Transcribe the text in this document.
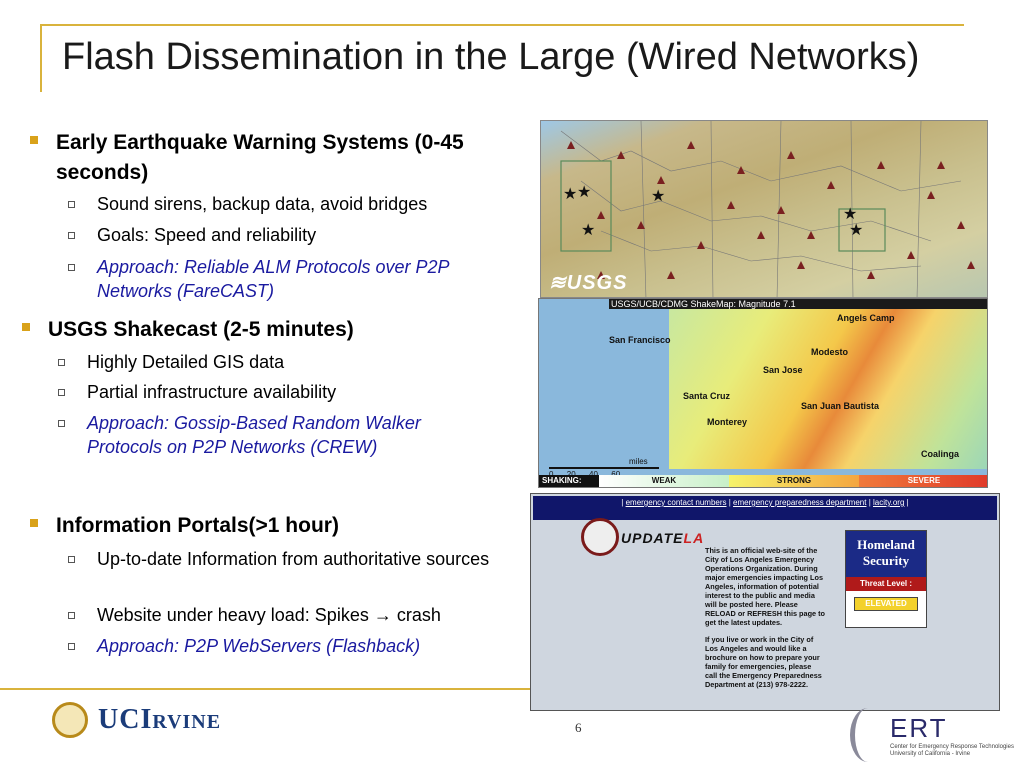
Flash Dissemination in the Large (Wired Networks)
Early Earthquake Warning Systems (0-45 seconds)
Sound sirens, backup data, avoid bridges
Goals: Speed and reliability
Approach: Reliable ALM Protocols over P2P Networks (FareCAST)
USGS Shakecast (2-5 minutes)
Highly Detailed GIS data
Partial infrastructure availability
Approach: Gossip-Based Random Walker Protocols on P2P Networks (CREW)
Information Portals(>1 hour)
Up-to-date Information from authoritative sources
Website under heavy load: Spikes → crash
Approach: P2P WebServers (Flashback)
★ ★	★
★
★
★
≋USGS
USGS/UCB/CDMG ShakeMap: Magnitude 7.1
Angels Camp
San Francisco
Modesto
San Jose
Santa Cruz
San Juan Bautista
Monterey
Coalinga
miles
SHAKING:	WEAK	STRONG	SEVERE
| emergency contact numbers | emergency preparedness department | lacity.org |
UPDATELA
This is an official web-site of the City of Los Angeles Emergency Operations Organization. During major emergencies impacting Los Angeles, information of potential interest to the public and media will be posted here. Please RELOAD or REFRESH this page to get the latest updates.
If you live or work in the City of Los Angeles and would like a brochure on how to prepare your family for emergencies, please call the Emergency Preparedness Department at (213) 978-2222.
Homeland Security
Threat Level :
ELEVATED
6
UCIRVINE	ERT
Center for Emergency Response Technologies
University of California - Irvine
